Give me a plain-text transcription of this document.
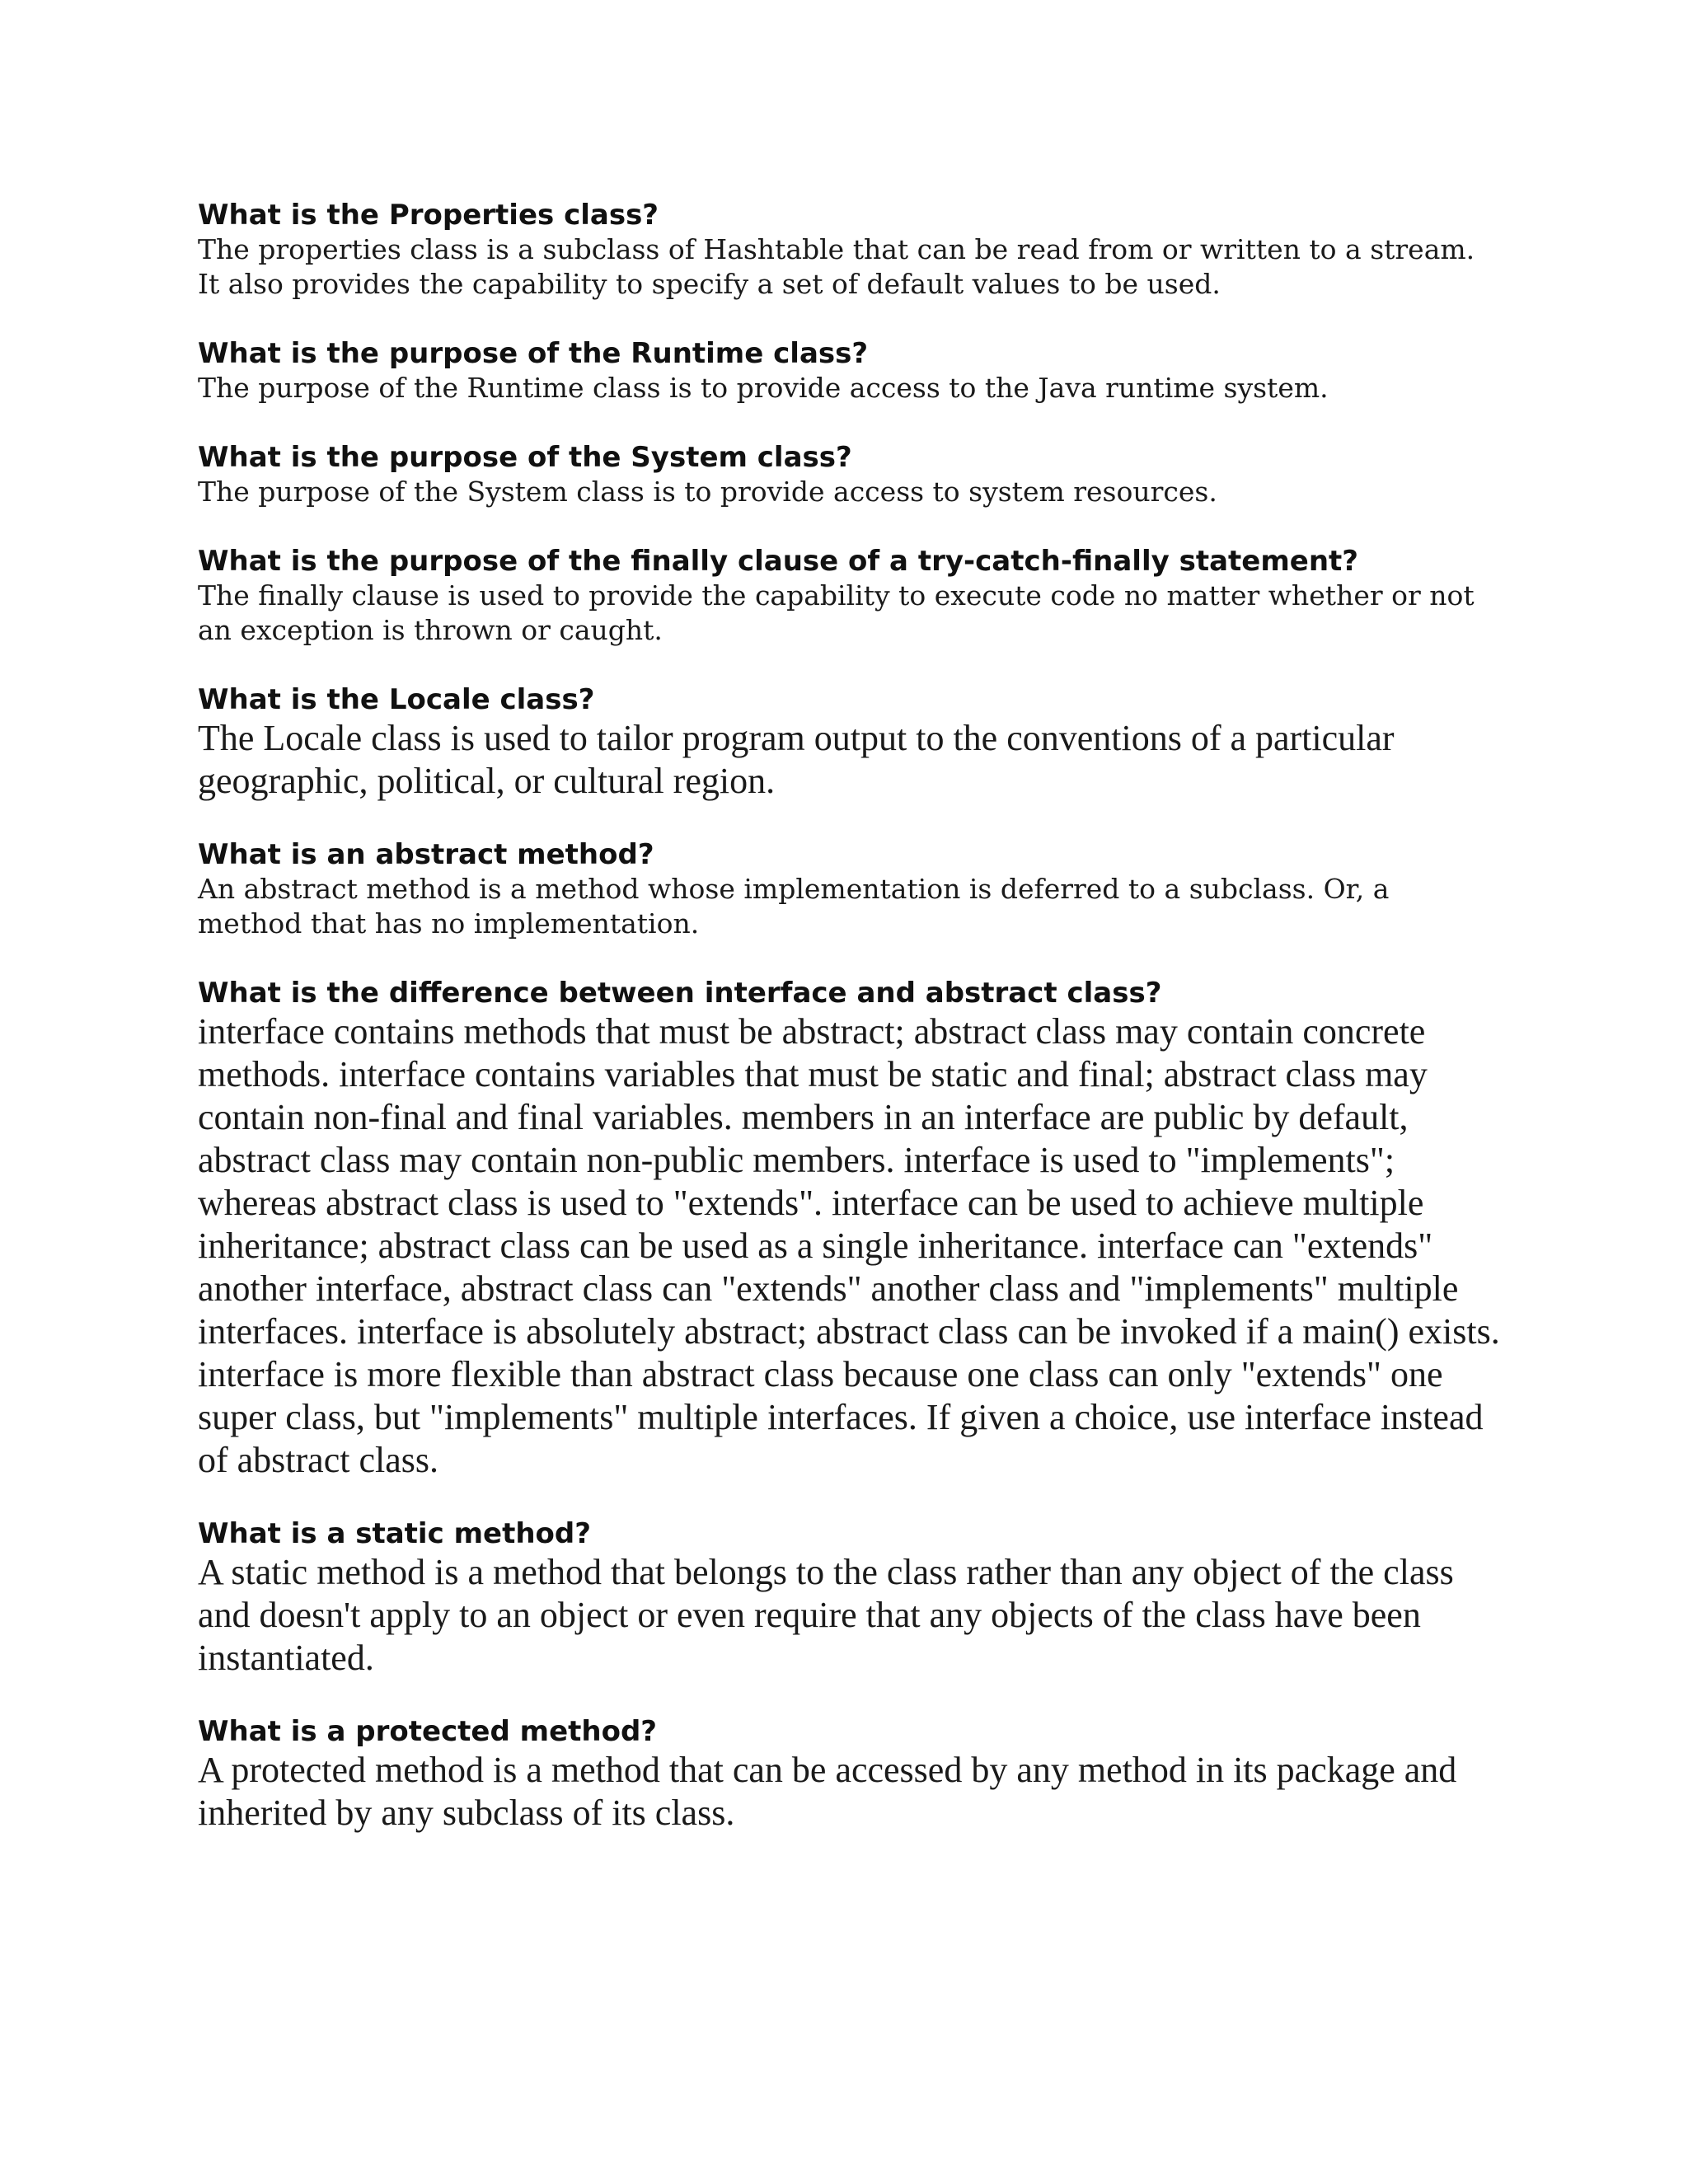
What is the Properties class?

The properties class is a subclass of Hashtable that can be read from or written to a stream. It also provides the capability to specify a set of default values to be used.

What is the purpose of the Runtime class?

The purpose of the Runtime class is to provide access to the Java runtime system.

What is the purpose of the System class?

The purpose of the System class is to provide access to system resources.

What is the purpose of the finally clause of a try-catch-finally statement?

The finally clause is used to provide the capability to execute code no matter whether or not an exception is thrown or caught.

What is the Locale class?

The Locale class is used to tailor program output to the conventions of a particular geographic, political, or cultural region.

What is an abstract method?

An abstract method is a method whose implementation is deferred to a subclass. Or, a method that has no implementation.

What is the difference between interface and abstract class?

interface contains methods that must be abstract; abstract class may contain concrete methods. interface contains variables that must be static and final; abstract class may contain non-final and final variables. members in an interface are public by default, abstract class may contain non-public members. interface is used to "implements"; whereas abstract class is used to "extends". interface can be used to achieve multiple inheritance; abstract class can be used as a single inheritance. interface can "extends" another interface, abstract class can "extends" another class and "implements" multiple interfaces. interface is absolutely abstract; abstract class can be invoked if a main() exists. interface is more flexible than abstract class because one class can only "extends" one super class, but "implements" multiple interfaces. If given a choice, use interface instead of abstract class.

What is a static method?

A static method is a method that belongs to the class rather than any object of the class and doesn't apply to an object or even require that any objects of the class have been instantiated.

What is a protected method?

A protected method is a method that can be accessed by any method in its package and inherited by any subclass of its class.
